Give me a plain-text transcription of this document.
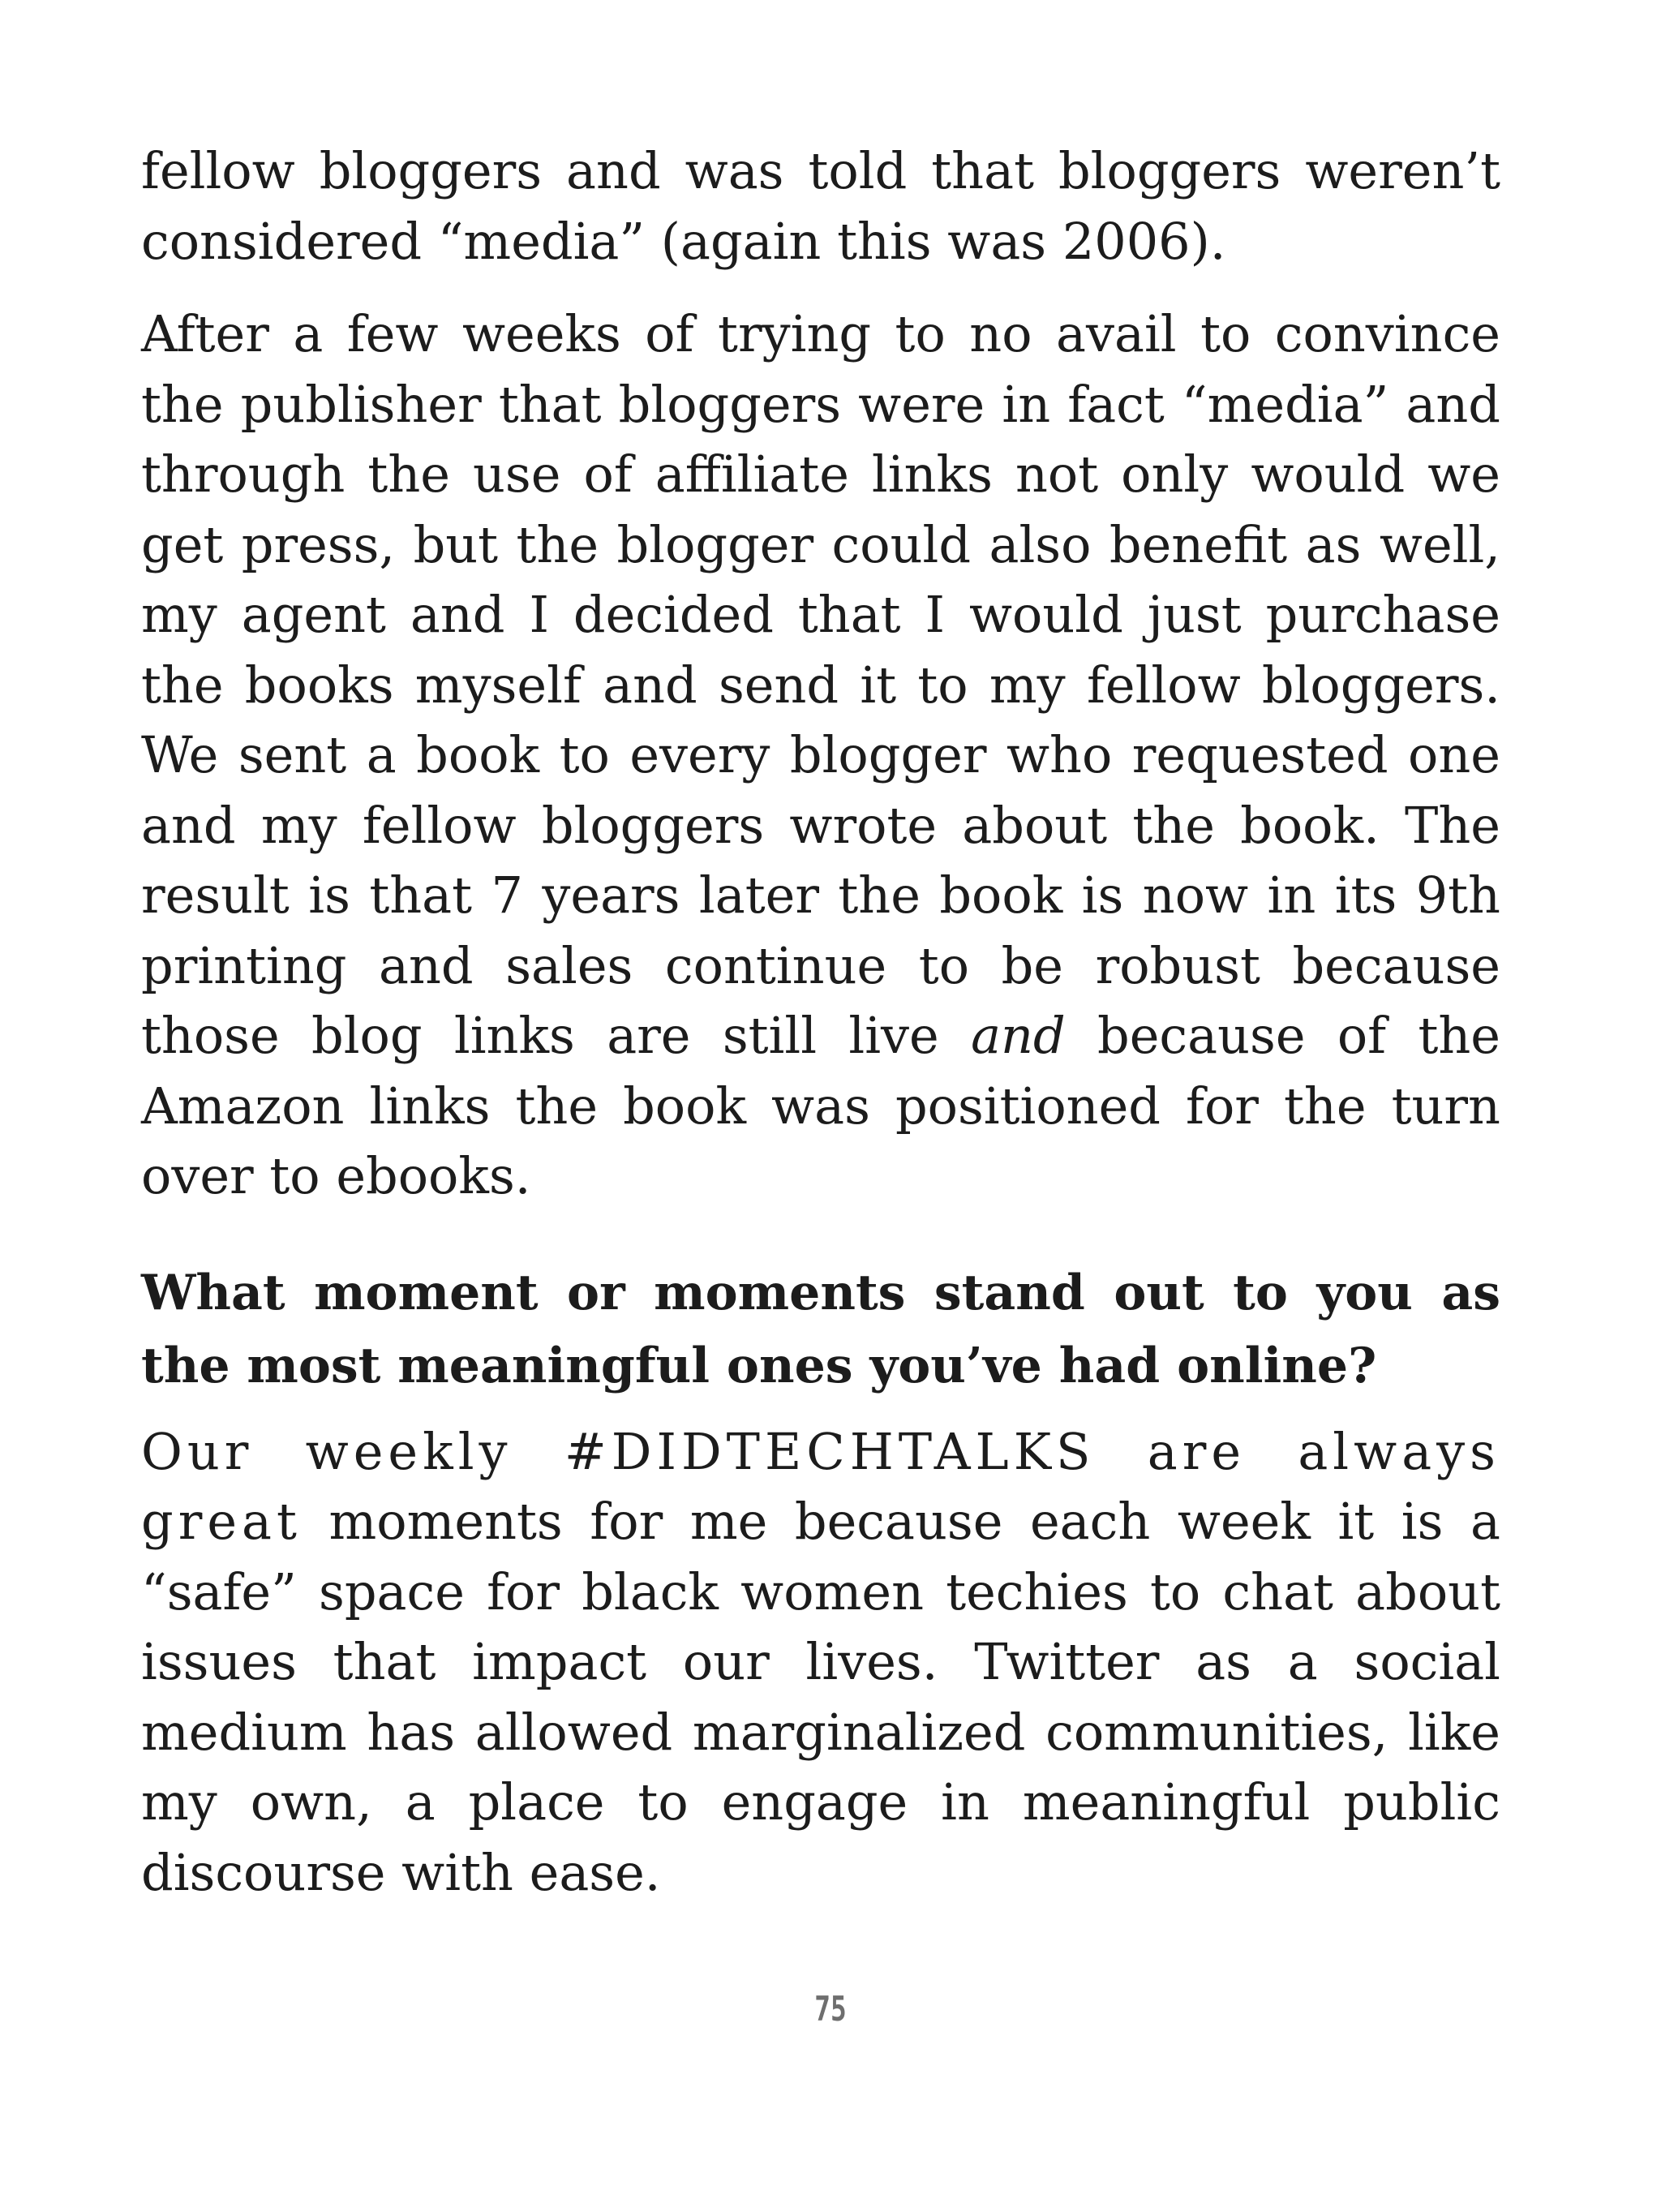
fellow bloggers and was told that bloggers weren’t considered “media” (again this was 2006).

After a few weeks of trying to no avail to convince the publisher that bloggers were in fact “media” and through the use of affiliate links not only would we get press, but the blogger could also benefit as well, my agent and I decided that I would just purchase the books myself and send it to my fellow bloggers. We sent a book to every blogger who requested one and my fellow bloggers wrote about the book. The result is that 7 years later the book is now in its 9th printing and sales continue to be robust because those blog links are still live and because of the Amazon links the book was positioned for the turn over to ebooks.

What moment or moments stand out to you as the most meaningful ones you’ve had online?

Our weekly #DIDTECHTALKS are always great moments for me because each week it is a “safe” space for black women techies to chat about issues that impact our lives. Twitter as a social medium has allowed marginalized communities, like my own, a place to engage in meaningful public discourse with ease.

75
